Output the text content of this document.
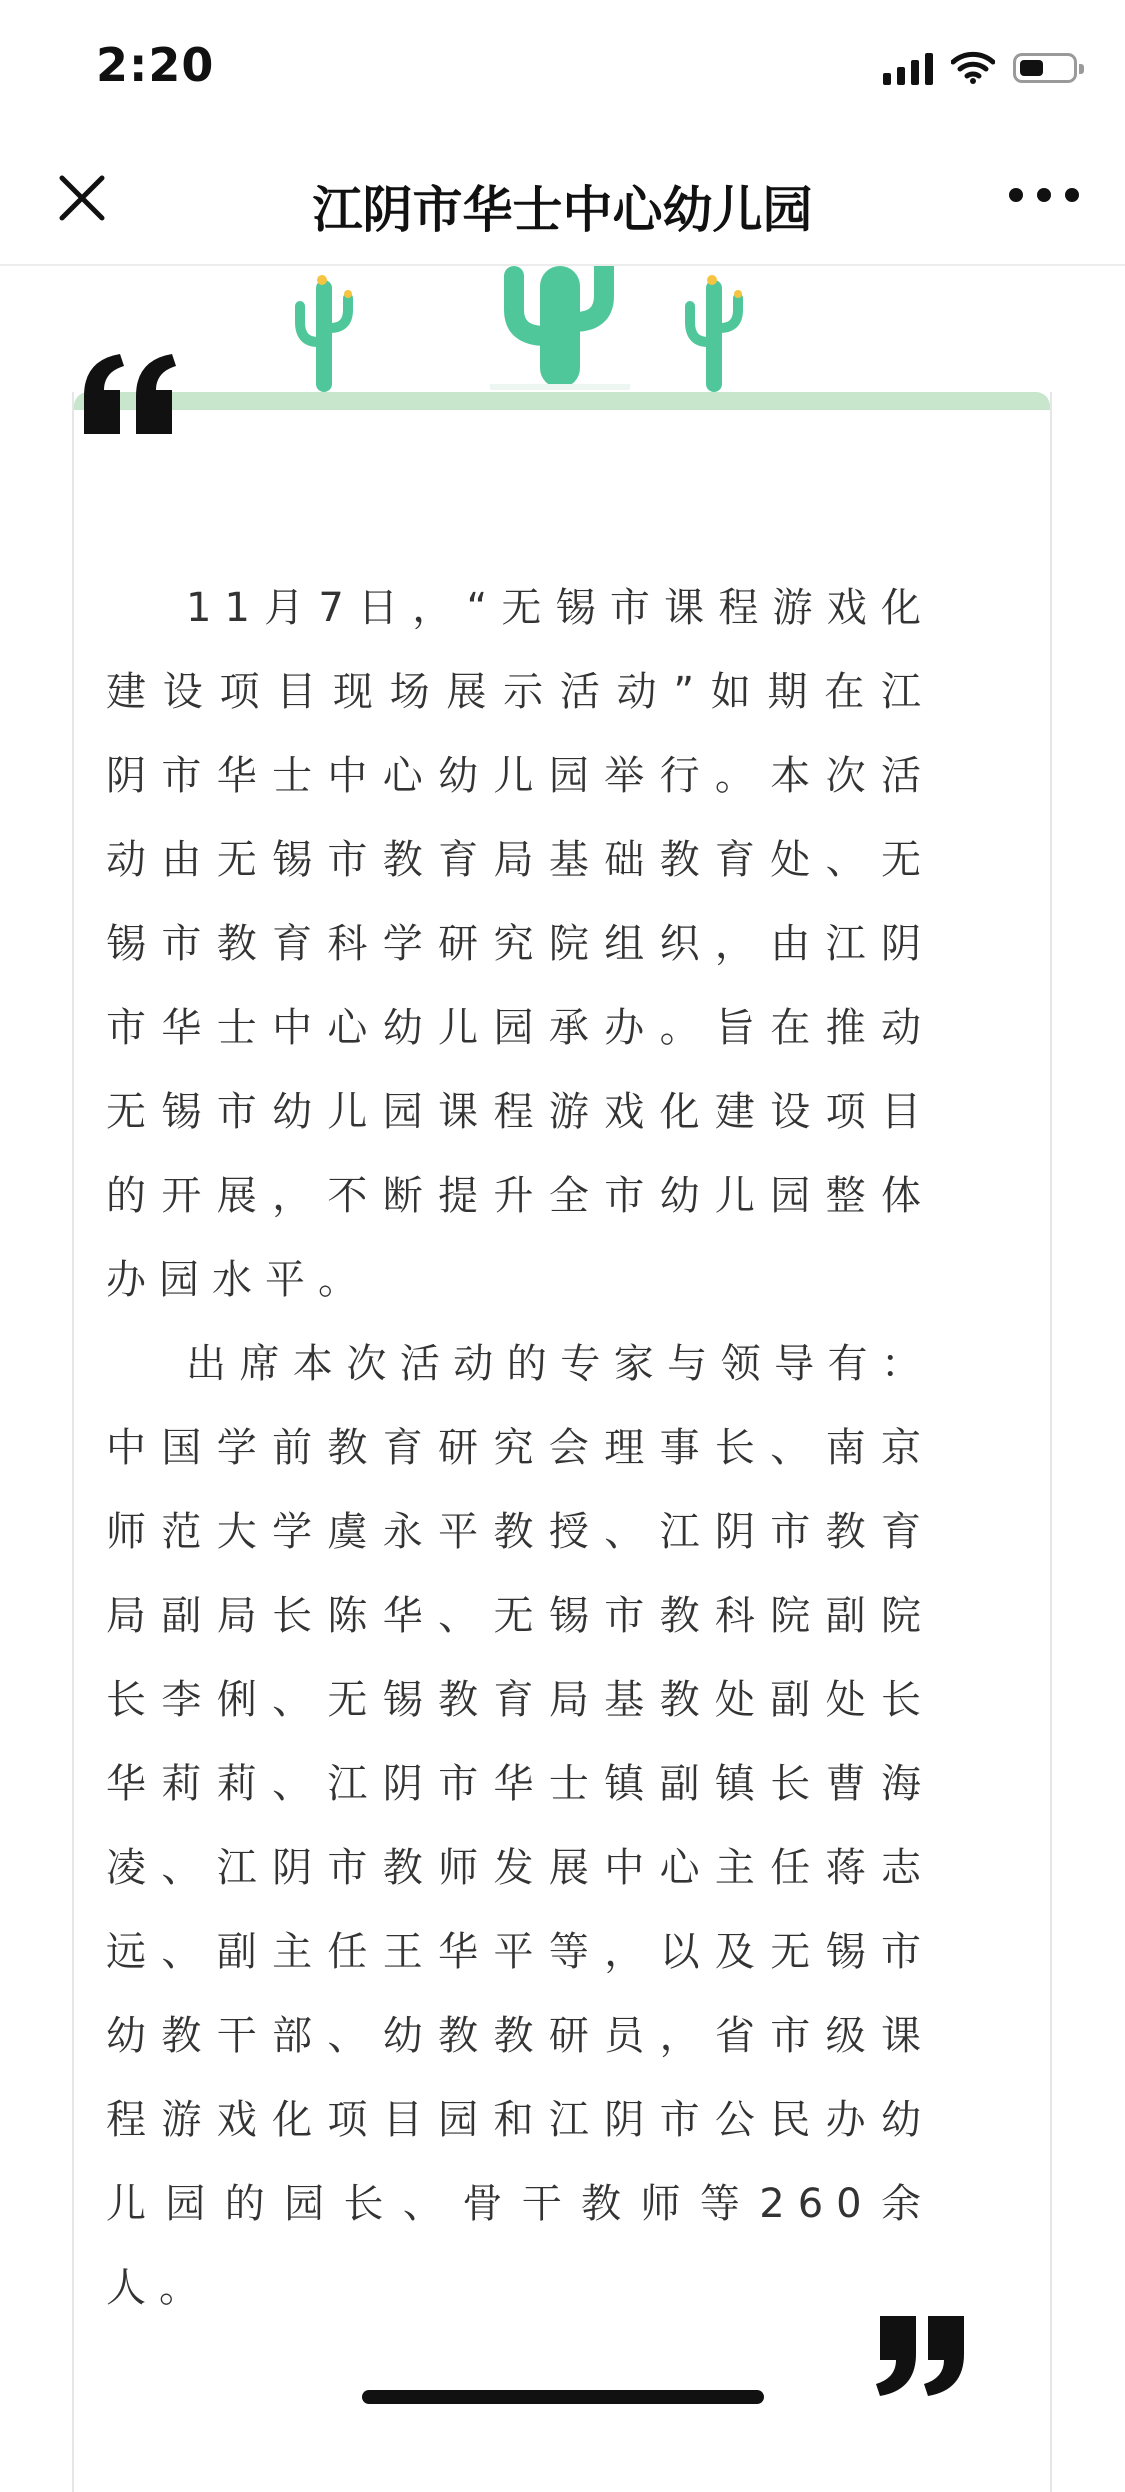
2:20
江阴市华士中心幼儿园

11月7日，“无锡市课程游戏化建设项目现场展示活动”如期在江阴市华士中心幼儿园举行。本次活动由无锡市教育局基础教育处、无锡市教育科学研究院组织，由江阴市华士中心幼儿园承办。旨在推动无锡市幼儿园课程游戏化建设项目的开展，不断提升全市幼儿园整体办园水平。

出席本次活动的专家与领导有：中国学前教育研究会理事长、南京师范大学虞永平教授、江阴市教育局副局长陈华、无锡市教科院副院长李俐、无锡教育局基教处副处长华莉莉、江阴市华士镇副镇长曹海凌、江阴市教师发展中心主任蒋志远、副主任王华平等，以及无锡市幼教干部、幼教教研员，省市级课程游戏化项目园和江阴市公民办幼儿园的园长、骨干教师等260余人。
